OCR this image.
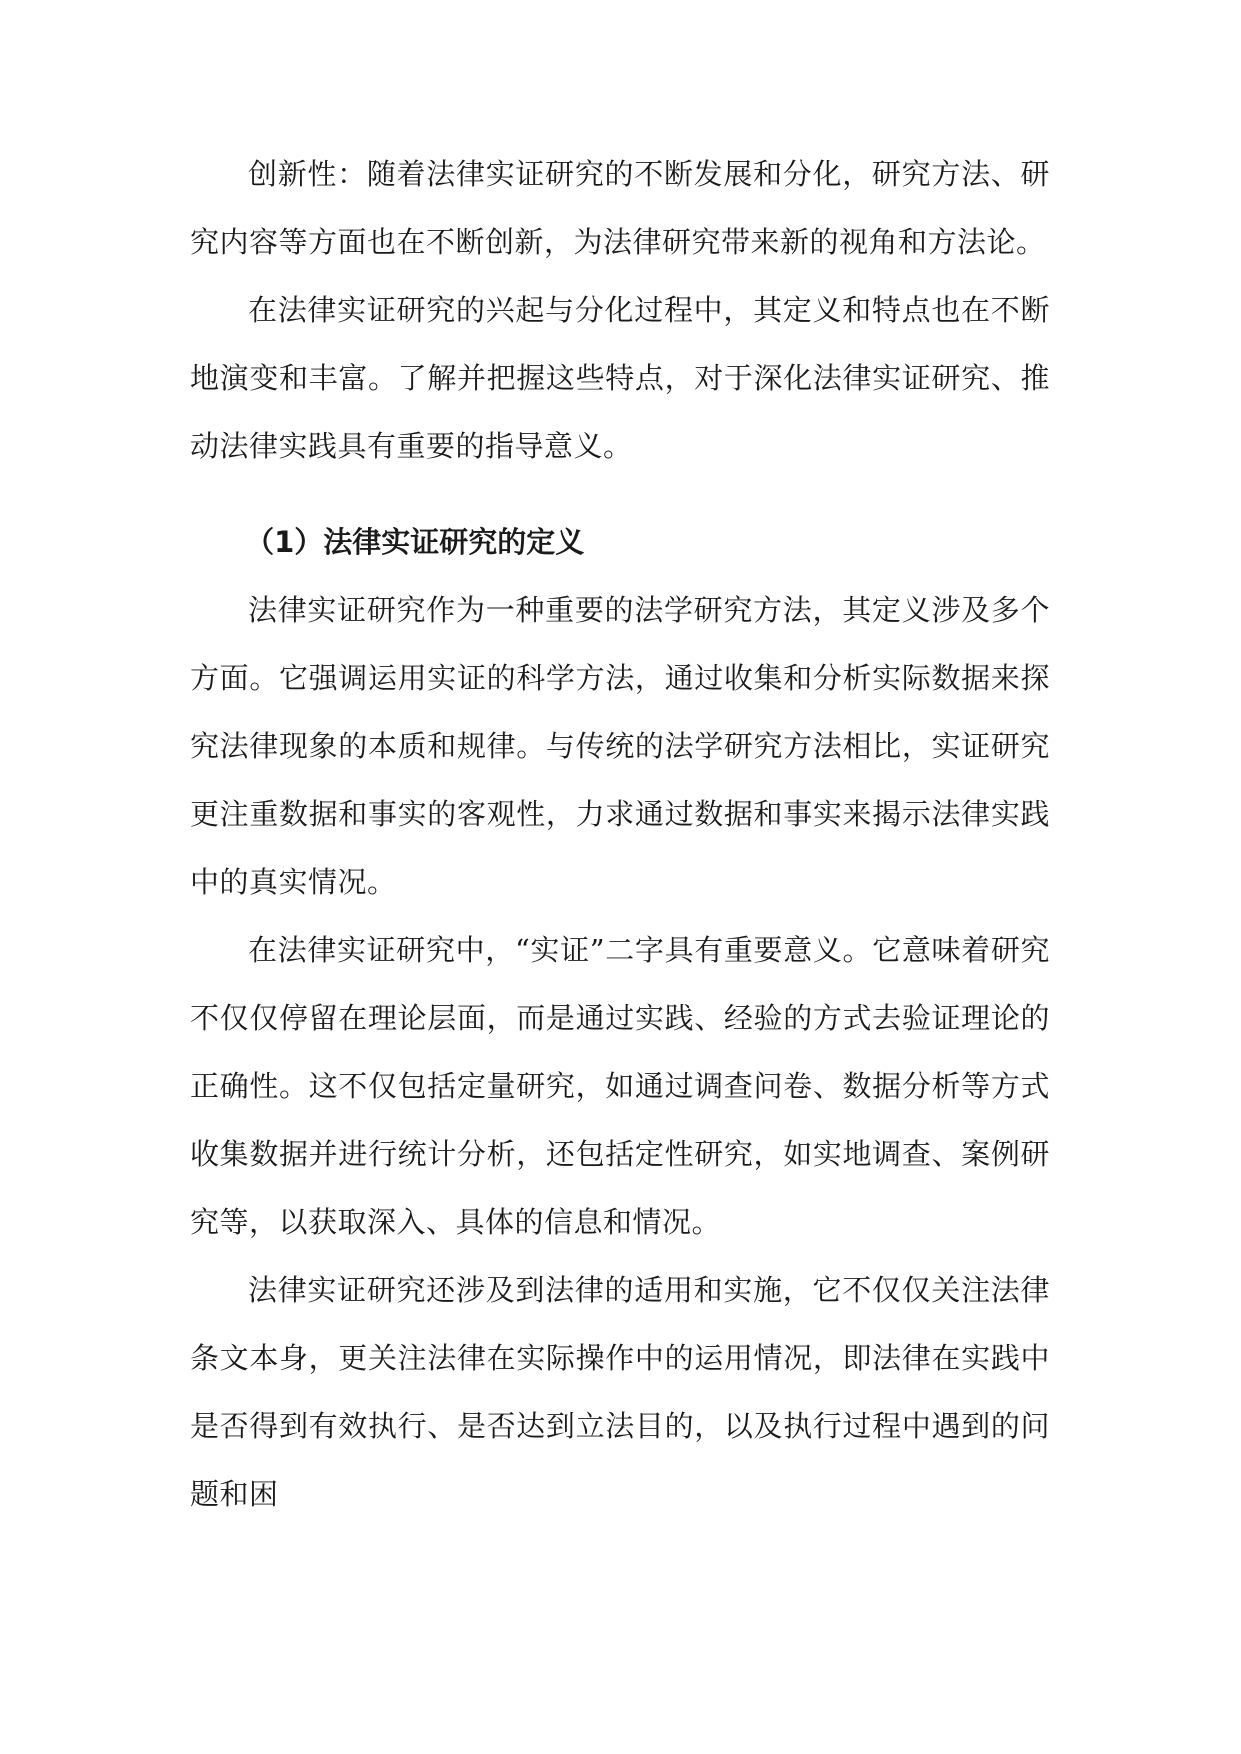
创新性：随着法律实证研究的不断发展和分化，研究方法、研究内容等方面也在不断创新，为法律研究带来新的视角和方法论。

在法律实证研究的兴起与分化过程中，其定义和特点也在不断地演变和丰富。了解并把握这些特点，对于深化法律实证研究、推动法律实践具有重要的指导意义。

（1）法律实证研究的定义

法律实证研究作为一种重要的法学研究方法，其定义涉及多个方面。它强调运用实证的科学方法，通过收集和分析实际数据来探究法律现象的本质和规律。与传统的法学研究方法相比，实证研究更注重数据和事实的客观性，力求通过数据和事实来揭示法律实践中的真实情况。

在法律实证研究中，“实证”二字具有重要意义。它意味着研究不仅仅停留在理论层面，而是通过实践、经验的方式去验证理论的正确性。这不仅包括定量研究，如通过调查问卷、数据分析等方式收集数据并进行统计分析，还包括定性研究，如实地调查、案例研究等，以获取深入、具体的信息和情况。

法律实证研究还涉及到法律的适用和实施，它不仅仅关注法律条文本身，更关注法律在实际操作中的运用情况，即法律在实践中是否得到有效执行、是否达到立法目的，以及执行过程中遇到的问题和困
